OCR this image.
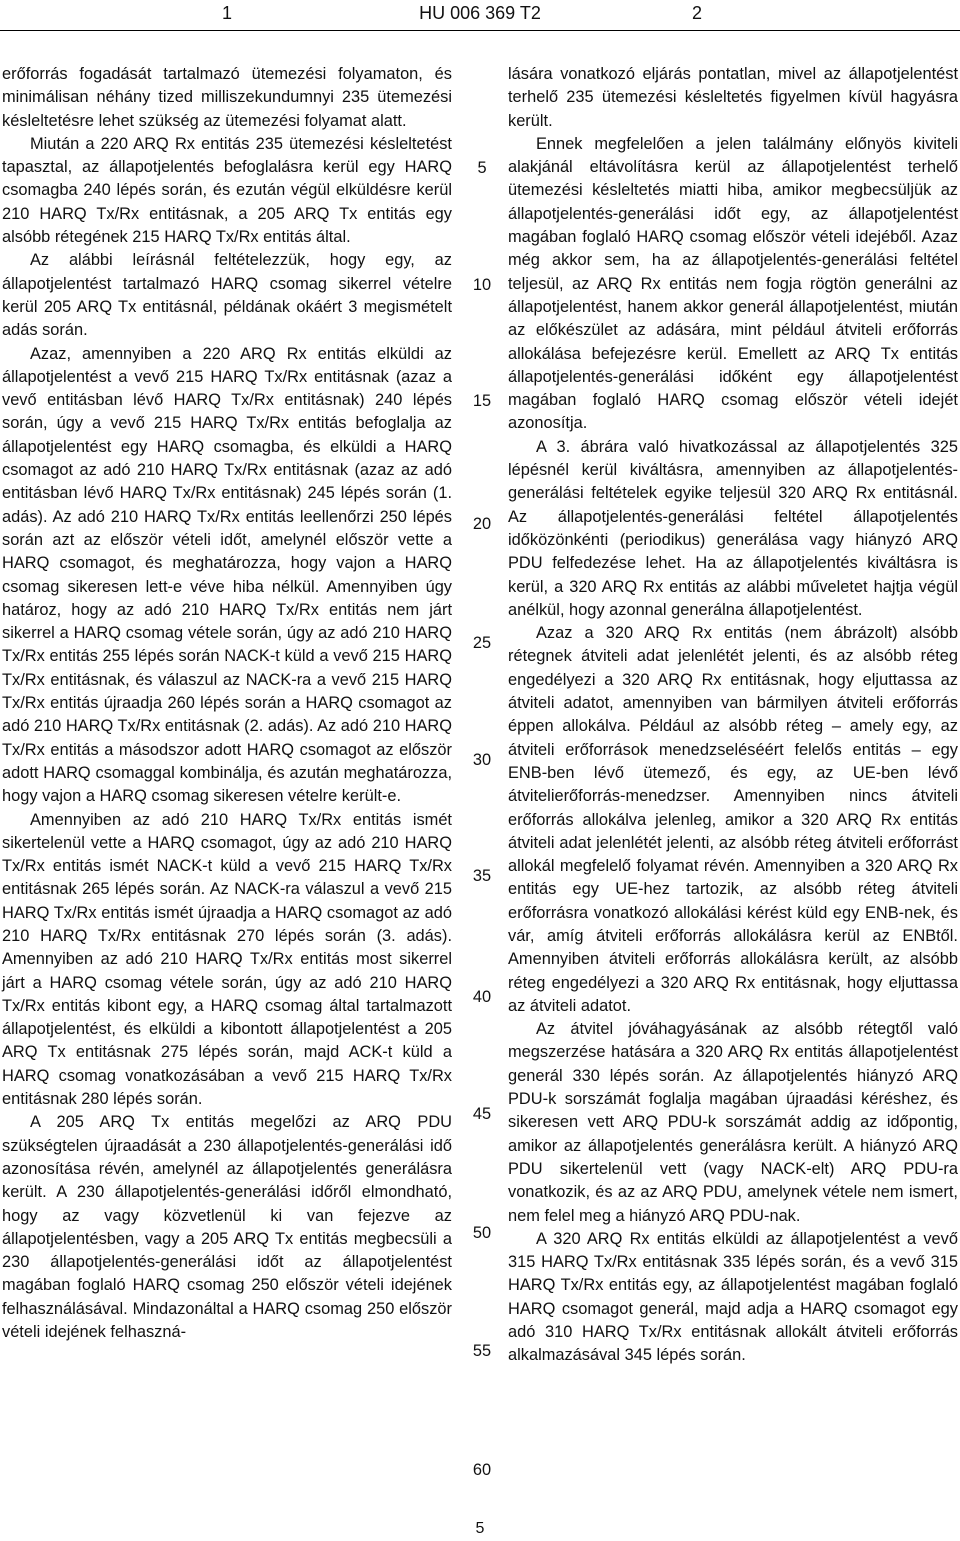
1	HU 006 369 T2	2

erőforrás fogadását tartalmazó ütemezési folyamaton, és minimálisan néhány tized milliszekundumnyi 235 ütemezési késleltetésre lehet szükség az ütemezési folyamat alatt.

Miután a 220 ARQ Rx entitás 235 ütemezési késleltetést tapasztal, az állapotjelentés befoglalásra kerül egy HARQ csomagba 240 lépés során, és ezután végül elküldésre kerül 210 HARQ Tx/Rx entitásnak, a 205 ARQ Tx entitás egy alsóbb rétegének 215 HARQ Tx/Rx entitás által.

Az alábbi leírásnál feltételezzük, hogy egy, az állapotjelentést tartalmazó HARQ csomag sikerrel vételre kerül 205 ARQ Tx entitásnál, példának okáért 3 megismételt adás során.

Azaz, amennyiben a 220 ARQ Rx entitás elküldi az állapotjelentést a vevő 215 HARQ Tx/Rx entitásnak (azaz a vevő entitásban lévő HARQ Tx/Rx entitásnak) 240 lépés során, úgy a vevő 215 HARQ Tx/Rx entitás befoglalja az állapotjelentést egy HARQ csomagba, és elküldi a HARQ csomagot az adó 210 HARQ Tx/Rx entitásnak (azaz az adó entitásban lévő HARQ Tx/Rx entitásnak) 245 lépés során (1. adás). Az adó 210 HARQ Tx/Rx entitás leellenőrzi 250 lépés során azt az először vételi időt, amelynél először vette a HARQ csomagot, és meghatározza, hogy vajon a HARQ csomag sikeresen lett-e véve hiba nélkül. Amennyiben úgy határoz, hogy az adó 210 HARQ Tx/Rx entitás nem járt sikerrel a HARQ csomag vétele során, úgy az adó 210 HARQ Tx/Rx entitás 255 lépés során NACK-t küld a vevő 215 HARQ Tx/Rx entitásnak, és válaszul az NACK-ra a vevő 215 HARQ Tx/Rx entitás újraadja 260 lépés során a HARQ csomagot az adó 210 HARQ Tx/Rx entitásnak (2. adás). Az adó 210 HARQ Tx/Rx entitás a másodszor adott HARQ csomagot az először adott HARQ csomaggal kombinálja, és azután meghatározza, hogy vajon a HARQ csomag sikeresen vételre került-e.

Amennyiben az adó 210 HARQ Tx/Rx entitás ismét sikertelenül vette a HARQ csomagot, úgy az adó 210 HARQ Tx/Rx entitás ismét NACK-t küld a vevő 215 HARQ Tx/Rx entitásnak 265 lépés során. Az NACK-ra válaszul a vevő 215 HARQ Tx/Rx entitás ismét újraadja a HARQ csomagot az adó 210 HARQ Tx/Rx entitásnak 270 lépés során (3. adás). Amennyiben az adó 210 HARQ Tx/Rx entitás most sikerrel járt a HARQ csomag vétele során, úgy az adó 210 HARQ Tx/Rx entitás kibont egy, a HARQ csomag által tartalmazott állapotjelentést, és elküldi a kibontott állapotjelentést a 205 ARQ Tx entitásnak 275 lépés során, majd ACK-t küld a HARQ csomag vonatkozásában a vevő 215 HARQ Tx/Rx entitásnak 280 lépés során.

A 205 ARQ Tx entitás megelőzi az ARQ PDU szükségtelen újraadását a 230 állapotjelentés-generálási idő azonosítása révén, amelynél az állapotjelentés generálásra került. A 230 állapotjelentés-generálási időről elmondható, hogy az vagy közvetlenül ki van fejezve az állapotjelentésben, vagy a 205 ARQ Tx entitás megbecsüli a 230 állapotjelentés-generálási időt az állapotjelentést magában foglaló HARQ csomag 250 először vételi idejének felhasználásával. Mindazonáltal a HARQ csomag 250 először vételi idejének felhaszná-

5
10
15
20
25
30
35
40
45
50
55
60

lására vonatkozó eljárás pontatlan, mivel az állapotjelentést terhelő 235 ütemezési késleltetés figyelmen kívül hagyásra került.

Ennek megfelelően a jelen találmány előnyös kiviteli alakjánál eltávolításra kerül az állapotjelentést terhelő ütemezési késleltetés miatti hiba, amikor megbecsüljük az állapotjelentés-generálási időt egy, az állapotjelentést magában foglaló HARQ csomag először vételi idejéből. Azaz még akkor sem, ha az állapotjelentés-generálási feltétel teljesül, az ARQ Rx entitás nem fogja rögtön generálni az állapotjelentést, hanem akkor generál állapotjelentést, miután az előkészület az adására, mint például átviteli erőforrás allokálása befejezésre kerül. Emellett az ARQ Tx entitás állapotjelentés-generálási időként egy állapotjelentést magában foglaló HARQ csomag először vételi idejét azonosítja.

A 3. ábrára való hivatkozással az állapotjelentés 325 lépésnél kerül kiváltásra, amennyiben az állapotjelentés-generálási feltételek egyike teljesül 320 ARQ Rx entitásnál. Az állapotjelentés-generálási feltétel állapotjelentés időközönkénti (periodikus) generálása vagy hiányzó ARQ PDU felfedezése lehet. Ha az állapotjelentés kiváltásra is kerül, a 320 ARQ Rx entitás az alábbi műveletet hajtja végül anélkül, hogy azonnal generálna állapotjelentést.

Azaz a 320 ARQ Rx entitás (nem ábrázolt) alsóbb rétegnek átviteli adat jelenlétét jelenti, és az alsóbb réteg engedélyezi a 320 ARQ Rx entitásnak, hogy eljuttassa az átviteli adatot, amennyiben van bármilyen átviteli erőforrás éppen allokálva. Például az alsóbb réteg – amely egy, az átviteli erőforrások menedzseléséért felelős entitás – egy ENB-ben lévő ütemező, és egy, az UE-ben lévő átvitelierőforrás-menedzser. Amennyiben nincs átviteli erőforrás allokálva jelenleg, amikor a 320 ARQ Rx entitás átviteli adat jelenlétét jelenti, az alsóbb réteg átviteli erőforrást allokál megfelelő folyamat révén. Amennyiben a 320 ARQ Rx entitás egy UE-hez tartozik, az alsóbb réteg átviteli erőforrásra vonatkozó allokálási kérést küld egy ENB-nek, és vár, amíg átviteli erőforrás allokálásra kerül az ENBtől. Amennyiben átviteli erőforrás allokálásra került, az alsóbb réteg engedélyezi a 320 ARQ Rx entitásnak, hogy eljuttassa az átviteli adatot.

Az átvitel jóváhagyásának az alsóbb rétegtől való megszerzése hatására a 320 ARQ Rx entitás állapotjelentést generál 330 lépés során. Az állapotjelentés hiányzó ARQ PDU-k sorszámát foglalja magában újraadási kéréshez, és sikeresen vett ARQ PDU-k sorszámát addig az időpontig, amikor az állapotjelentés generálásra került. A hiányzó ARQ PDU sikertelenül vett (vagy NACK-elt) ARQ PDU-ra vonatkozik, és az az ARQ PDU, amelynek vétele nem ismert, nem felel meg a hiányzó ARQ PDU-nak.

A 320 ARQ Rx entitás elküldi az állapotjelentést a vevő 315 HARQ Tx/Rx entitásnak 335 lépés során, és a vevő 315 HARQ Tx/Rx entitás egy, az állapotjelentést magában foglaló HARQ csomagot generál, majd adja a HARQ csomagot egy adó 310 HARQ Tx/Rx entitásnak allokált átviteli erőforrás alkalmazásával 345 lépés során.

5
